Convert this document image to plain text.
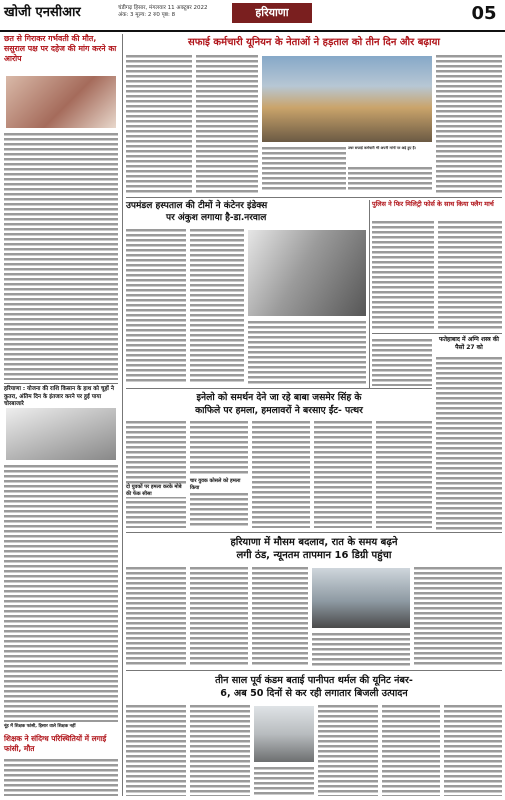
खोजी एनसीआर	चंडीगढ़ हिसार, मंगलवार 11 अक्टूबर 2022
अंक: 3 मूल्य: 2 रु0 पृष्ठ: 8	हरियाणा	05
छत से गिराकर गर्भवती की मौत, ससुराल पक्ष पर दहेज की मांग करने का आरोप
हरियाणा : योजना की राशि किसान के हाथ को चूहों ने कुतरा, अंतिम दिन के इंतजार करने पर हुई पाया चोरबाजारे
नूंह में शिक्षक फांसी, हिसार वाले शिक्षक नहीं
शिक्षक ने संदिग्ध परिस्थितियों में लगाई फांसी, मौत
सफाई कर्मचारी यूनियन के नेताओं ने हड़ताल को तीन दिन और बढ़ाया
उधर सफाई कर्मचारी भी अपनी मांगों पर अड़े हुए हैं।
उपमंडल हस्पताल की टीमों ने कंटेनर इंडेक्स
पर अंकुश लगाया है-डा.नरवाल
पुलिस ने फिर मिलिट्री फोर्स के साथ किया फ्लैग मार्च
फतेहाबाद में अग्नि शस्त्र की पैसों 27 को
इनेलो को समर्थन देने जा रहे बाबा जसमेर सिंह के
काफिले पर हमला, हमलावरों ने बरसाए ईंट- पत्थर
चार युवक कोसले को हमला किया
दो युवकों पर हमला करके मोबे की फेंक सीसा
हरियाणा में मौसम बदलाव, रात के समय बढ़ने
लगी ठंड, न्यूनतम तापमान 16 डिग्री पहुंचा
तीन साल पूर्व कंडम बताई पानीपत थर्मल की यूनिट नंबर-
6, अब 50 दिनों से कर रही लगातार बिजली उत्पादन
